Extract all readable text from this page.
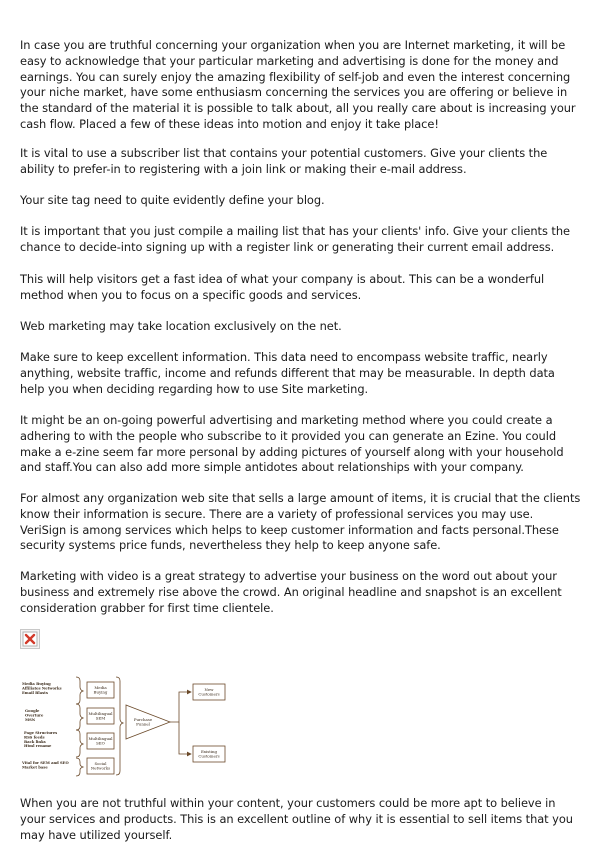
In case you are truthful concerning your organization when you are Internet marketing, it will be easy to acknowledge that your particular marketing and advertising is done for the money and earnings. You can surely enjoy the amazing flexibility of self-job and even the interest concerning your niche market, have some enthusiasm concerning the services you are offering or believe in the standard of the material it is possible to talk about, all you really care about is increasing your cash flow. Placed a few of these ideas into motion and enjoy it take place!

It is vital to use a subscriber list that contains your potential customers. Give your clients the ability to prefer-in to registering with a join link or making their e-mail address.

Your site tag need to quite evidently define your blog.

It is important that you just compile a mailing list that has your clients' info. Give your clients the chance to decide-into signing up with a register link or generating their current email address.

This will help visitors get a fast idea of what your company is about. This can be a wonderful method when you to focus on a specific goods and services.

Web marketing may take location exclusively on the net.

Make sure to keep excellent information. This data need to encompass website traffic, nearly anything, website traffic, income and refunds different that may be measurable. In depth data help you when deciding regarding how to use Site marketing.

It might be an on-going powerful advertising and marketing method where you could create a adhering to with the people who subscribe to it provided you can generate an Ezine. You could make a e-zine seem far more personal by adding pictures of yourself along with your household and staff.You can also add more simple antidotes about relationships with your company.

For almost any organization web site that sells a large amount of items, it is crucial that the clients know their information is secure. There are a variety of professional services you may use. VeriSign is among services which helps to keep customer information and facts personal.These security systems price funds, nevertheless they help to keep anyone safe.

Marketing with video is a great strategy to advertise your business on the word out about your business and extremely rise above the crowd. An original headline and snapshot is an excellent consideration grabber for first time clientele.

Media Buying Affiliates Networks Email Blasts
Google Overture MSN
Page Structures RSS feeds Back links Html rename
Vital for SEM and SEO Market base
Media Buying
Multilingual SEM
Multilingual SEO
Social Networks
Purchase Funnel
New Customers
Existing Customers

When you are not truthful within your content, your customers could be more apt to believe in your services and products. This is an excellent outline of why it is essential to sell items that you may have utilized yourself.
